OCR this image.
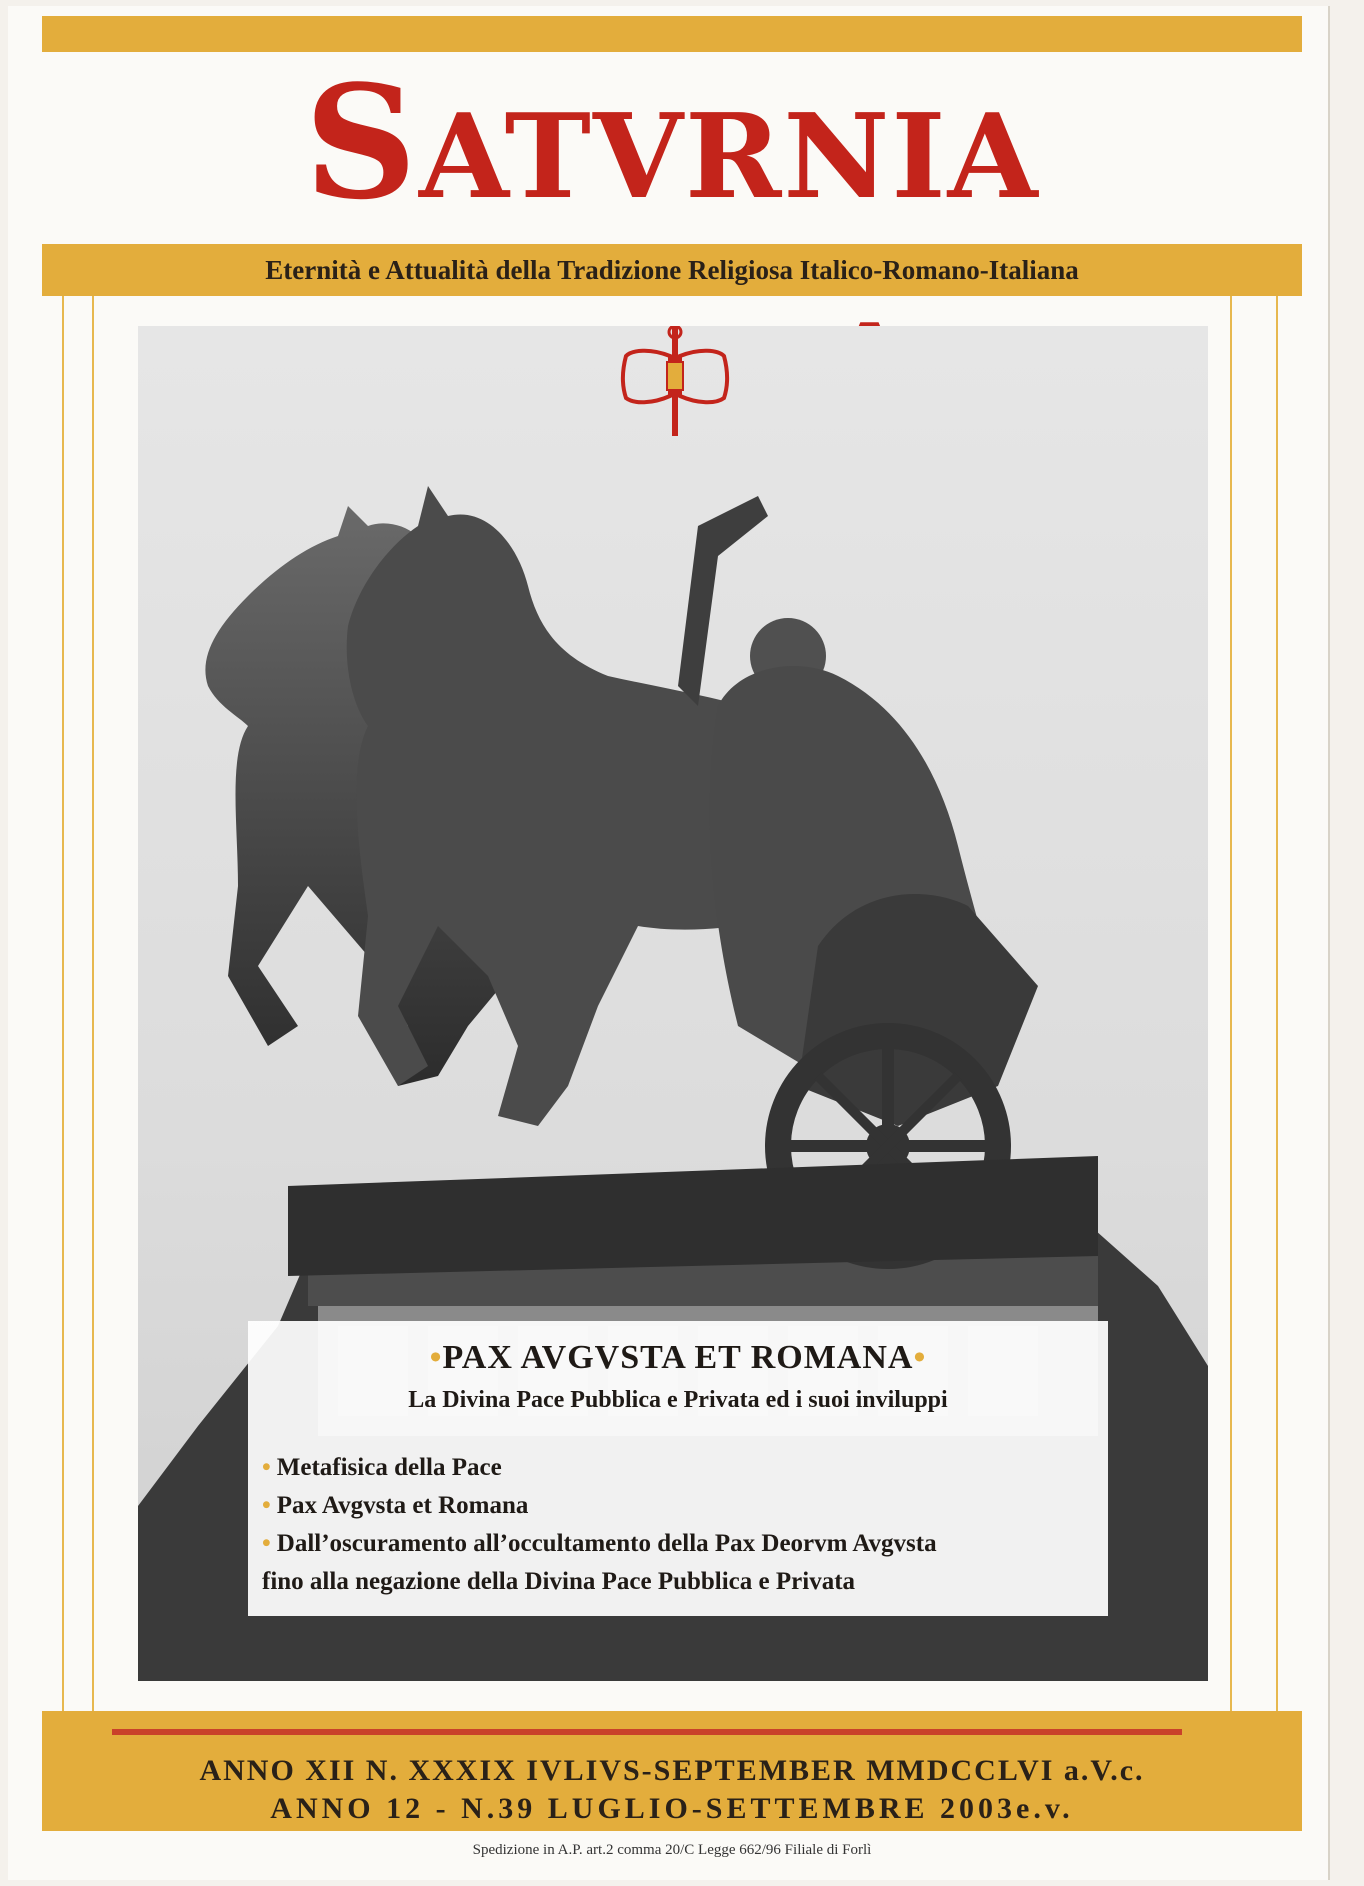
SATVRNIA
Eternità e Attualità della Tradizione Religiosa Italico-Romano-Italiana
•PAX AVGVSTA ET ROMANA•
La Divina Pace Pubblica e Privata ed i suoi inviluppi
• Metafisica della Pace
• Pax Avgvsta et Romana
• Dall’oscuramento all’occultamento della Pax Deorvm Avgvsta
fino alla negazione della Divina Pace Pubblica e Privata
ANNO XII N. XXXIX IVLIVS-SEPTEMBER MMDCCLVI a.V.c.
ANNO 12 - N.39 LUGLIO-SETTEMBRE 2003e.v.
Spedizione in A.P. art.2 comma 20/C Legge 662/96 Filiale di Forlì
